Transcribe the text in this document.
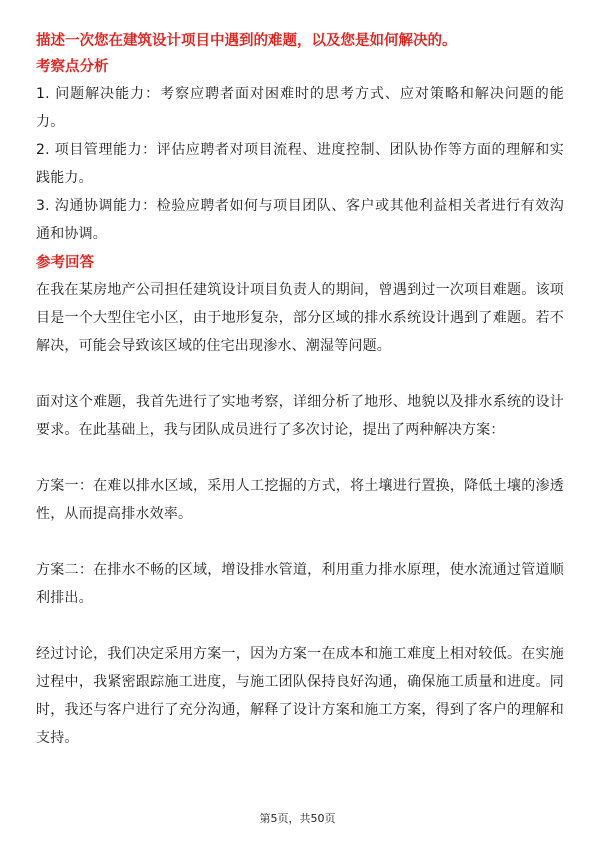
描述一次您在建筑设计项目中遇到的难题，以及您是如何解决的。

考察点分析

1. 问题解决能力：考察应聘者面对困难时的思考方式、应对策略和解决问题的能力。

2. 项目管理能力：评估应聘者对项目流程、进度控制、团队协作等方面的理解和实践能力。

3. 沟通协调能力：检验应聘者如何与项目团队、客户或其他利益相关者进行有效沟通和协调。

参考回答

在我在某房地产公司担任建筑设计项目负责人的期间，曾遇到过一次项目难题。该项目是一个大型住宅小区，由于地形复杂，部分区域的排水系统设计遇到了难题。若不解决，可能会导致该区域的住宅出现渗水、潮湿等问题。

面对这个难题，我首先进行了实地考察，详细分析了地形、地貌以及排水系统的设计要求。在此基础上，我与团队成员进行了多次讨论，提出了两种解决方案：

方案一：在难以排水区域，采用人工挖掘的方式，将土壤进行置换，降低土壤的渗透性，从而提高排水效率。

方案二：在排水不畅的区域，增设排水管道，利用重力排水原理，使水流通过管道顺利排出。

经过讨论，我们决定采用方案一，因为方案一在成本和施工难度上相对较低。在实施过程中，我紧密跟踪施工进度，与施工团队保持良好沟通，确保施工质量和进度。同时，我还与客户进行了充分沟通，解释了设计方案和施工方案，得到了客户的理解和支持。

第5页，共50页
